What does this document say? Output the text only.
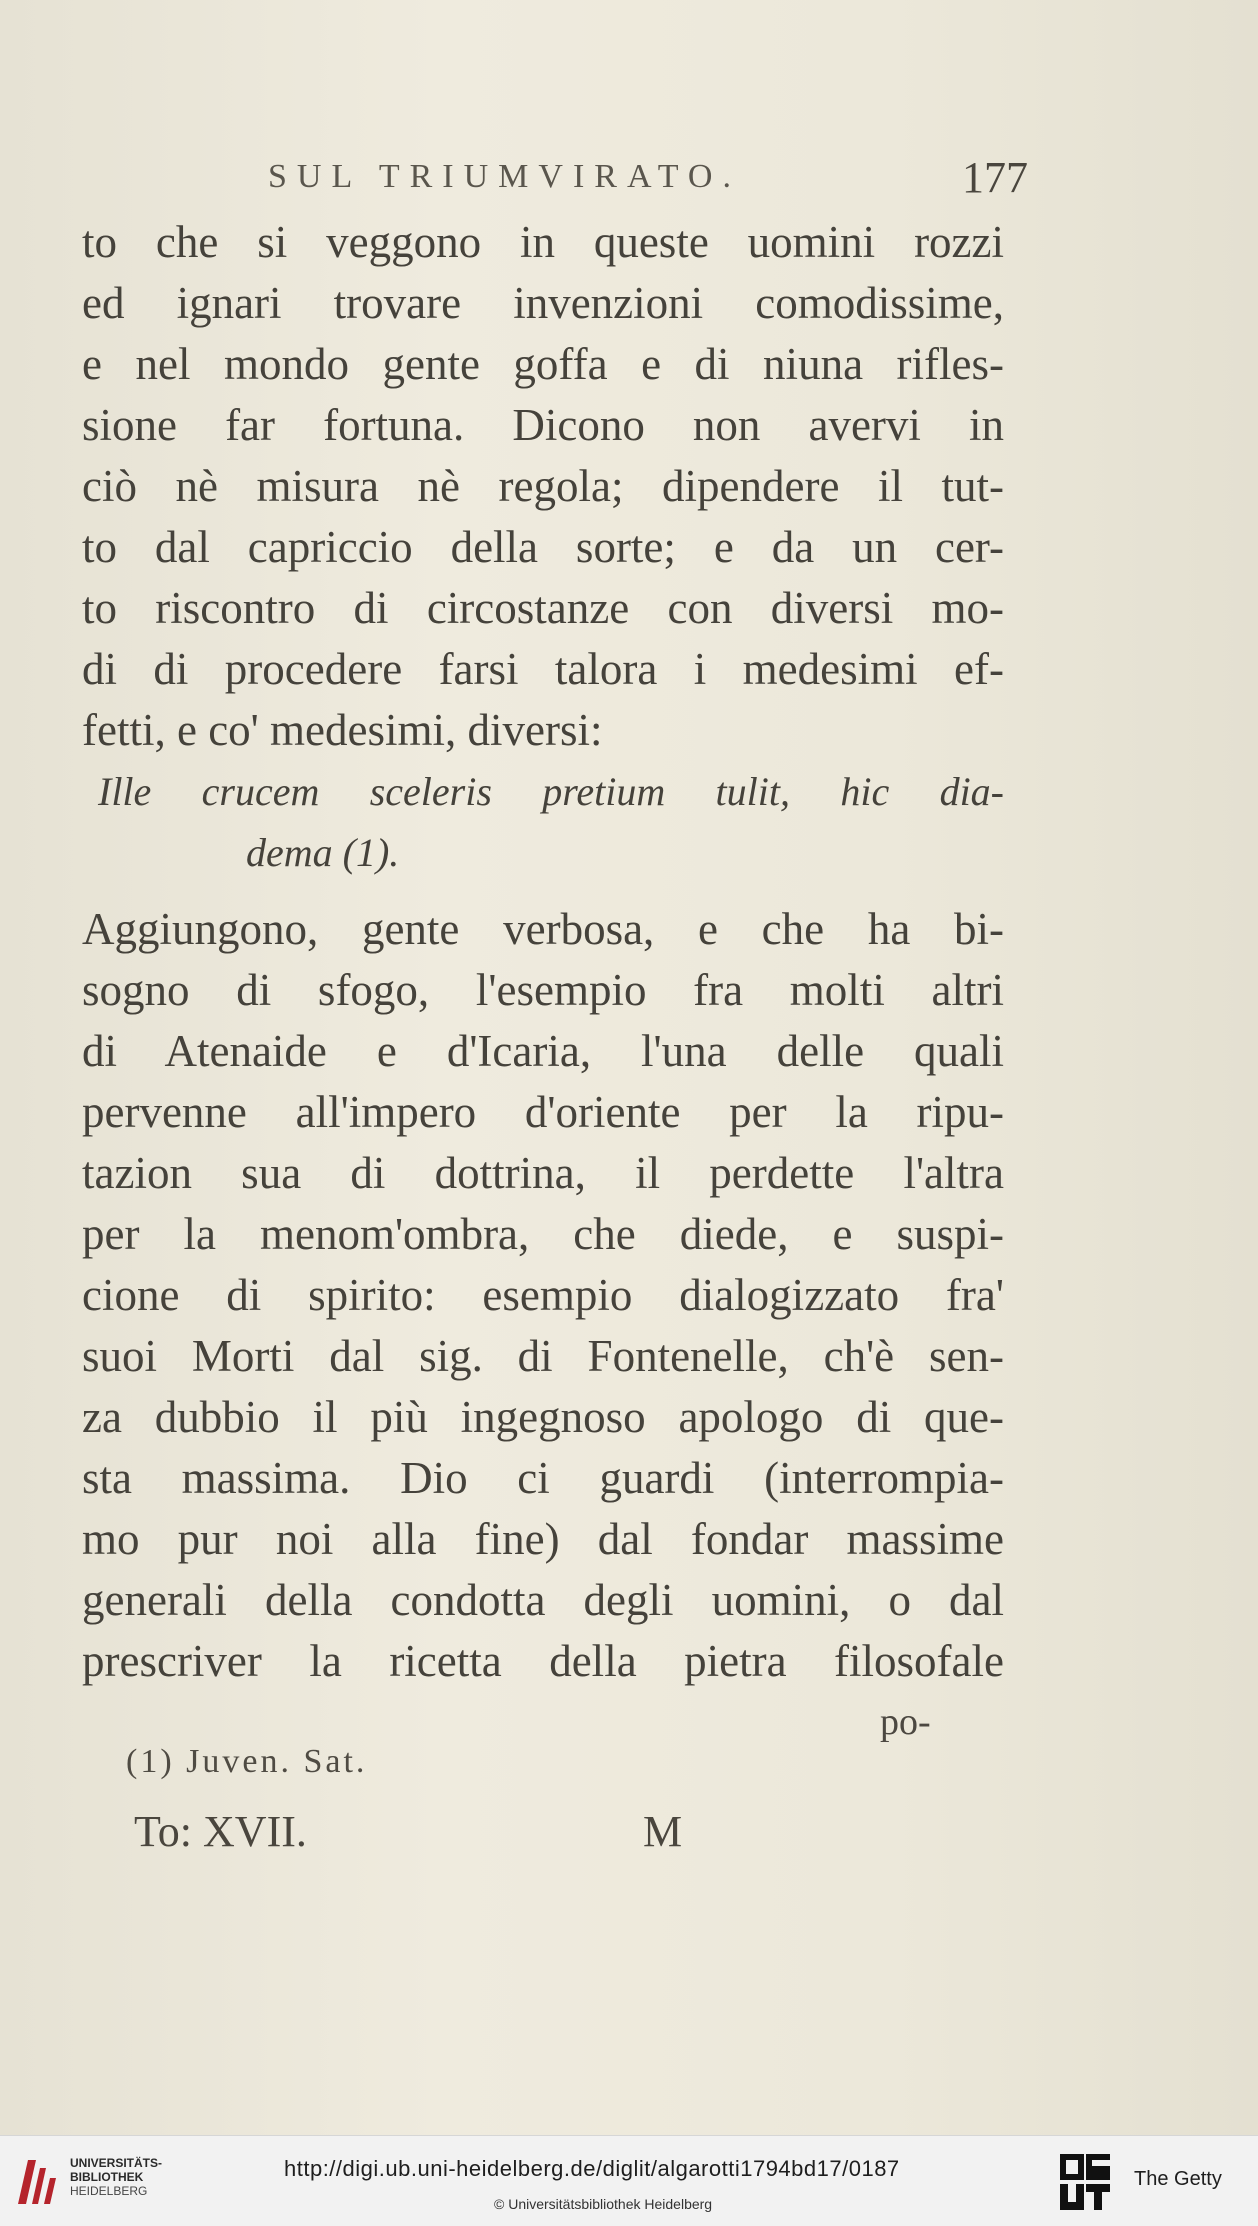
SUL TRIUMVIRATO.	177
to che si veggono in queste uomini rozzi
ed ignari trovare invenzioni comodissime,
e nel mondo gente goffa e di niuna rifles-
sione far fortuna. Dicono non avervi in
ciò nè misura nè regola; dipendere il tut-
to dal capriccio della sorte; e da un cer-
to riscontro di circostanze con diversi mo-
di di procedere farsi talora i medesimi ef-
fetti, e co' medesimi, diversi:
Ille crucem sceleris pretium tulit, hic dia-
dema (1).
Aggiungono, gente verbosa, e che ha bi-
sogno di sfogo, l'esempio fra molti altri
di Atenaide e d'Icaria, l'una delle quali
pervenne all'impero d'oriente per la ripu-
tazion sua di dottrina, il perdette l'altra
per la menom'ombra, che diede, e suspi-
cione di spirito: esempio dialogizzato fra'
suoi Morti dal sig. di Fontenelle, ch'è sen-
za dubbio il più ingegnoso apologo di que-
sta massima. Dio ci guardi (interrompia-
mo pur noi alla fine) dal fondar massime
generali della condotta degli uomini, o dal
prescriver la ricetta della pietra filosofale
po-
(1) Juven. Sat.
To: XVII.	M
UNIVERSITÄTS-
BIBLIOTHEK
HEIDELBERG
http://digi.ub.uni-heidelberg.de/diglit/algarotti1794bd17/0187
© Universitätsbibliothek Heidelberg
The Getty
